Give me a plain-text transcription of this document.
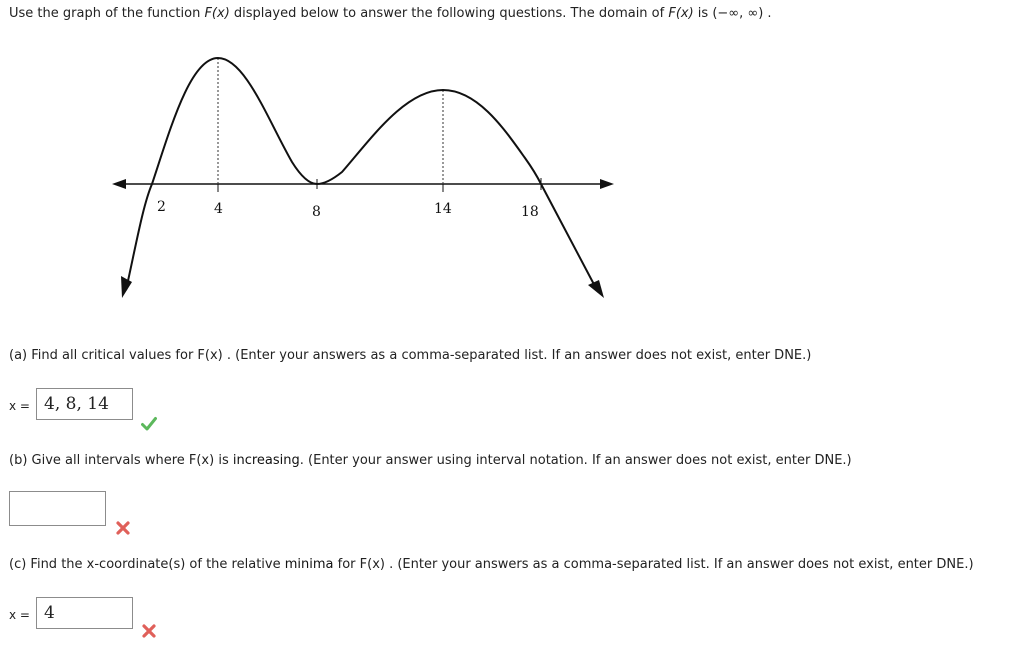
Use the graph of the function F(x) displayed below to answer the following questions. The domain of F(x) is (−∞, ∞) .
2	4	8	14	18
(a) Find all critical values for F(x) . (Enter your answers as a comma-separated list. If an answer does not exist, enter DNE.)
x =
4, 8, 14
(b) Give all intervals where F(x) is increasing. (Enter your answer using interval notation. If an answer does not exist, enter DNE.)
(c) Find the x-coordinate(s) of the relative minima for F(x) . (Enter your answers as a comma-separated list. If an answer does not exist, enter DNE.)
x =
4
